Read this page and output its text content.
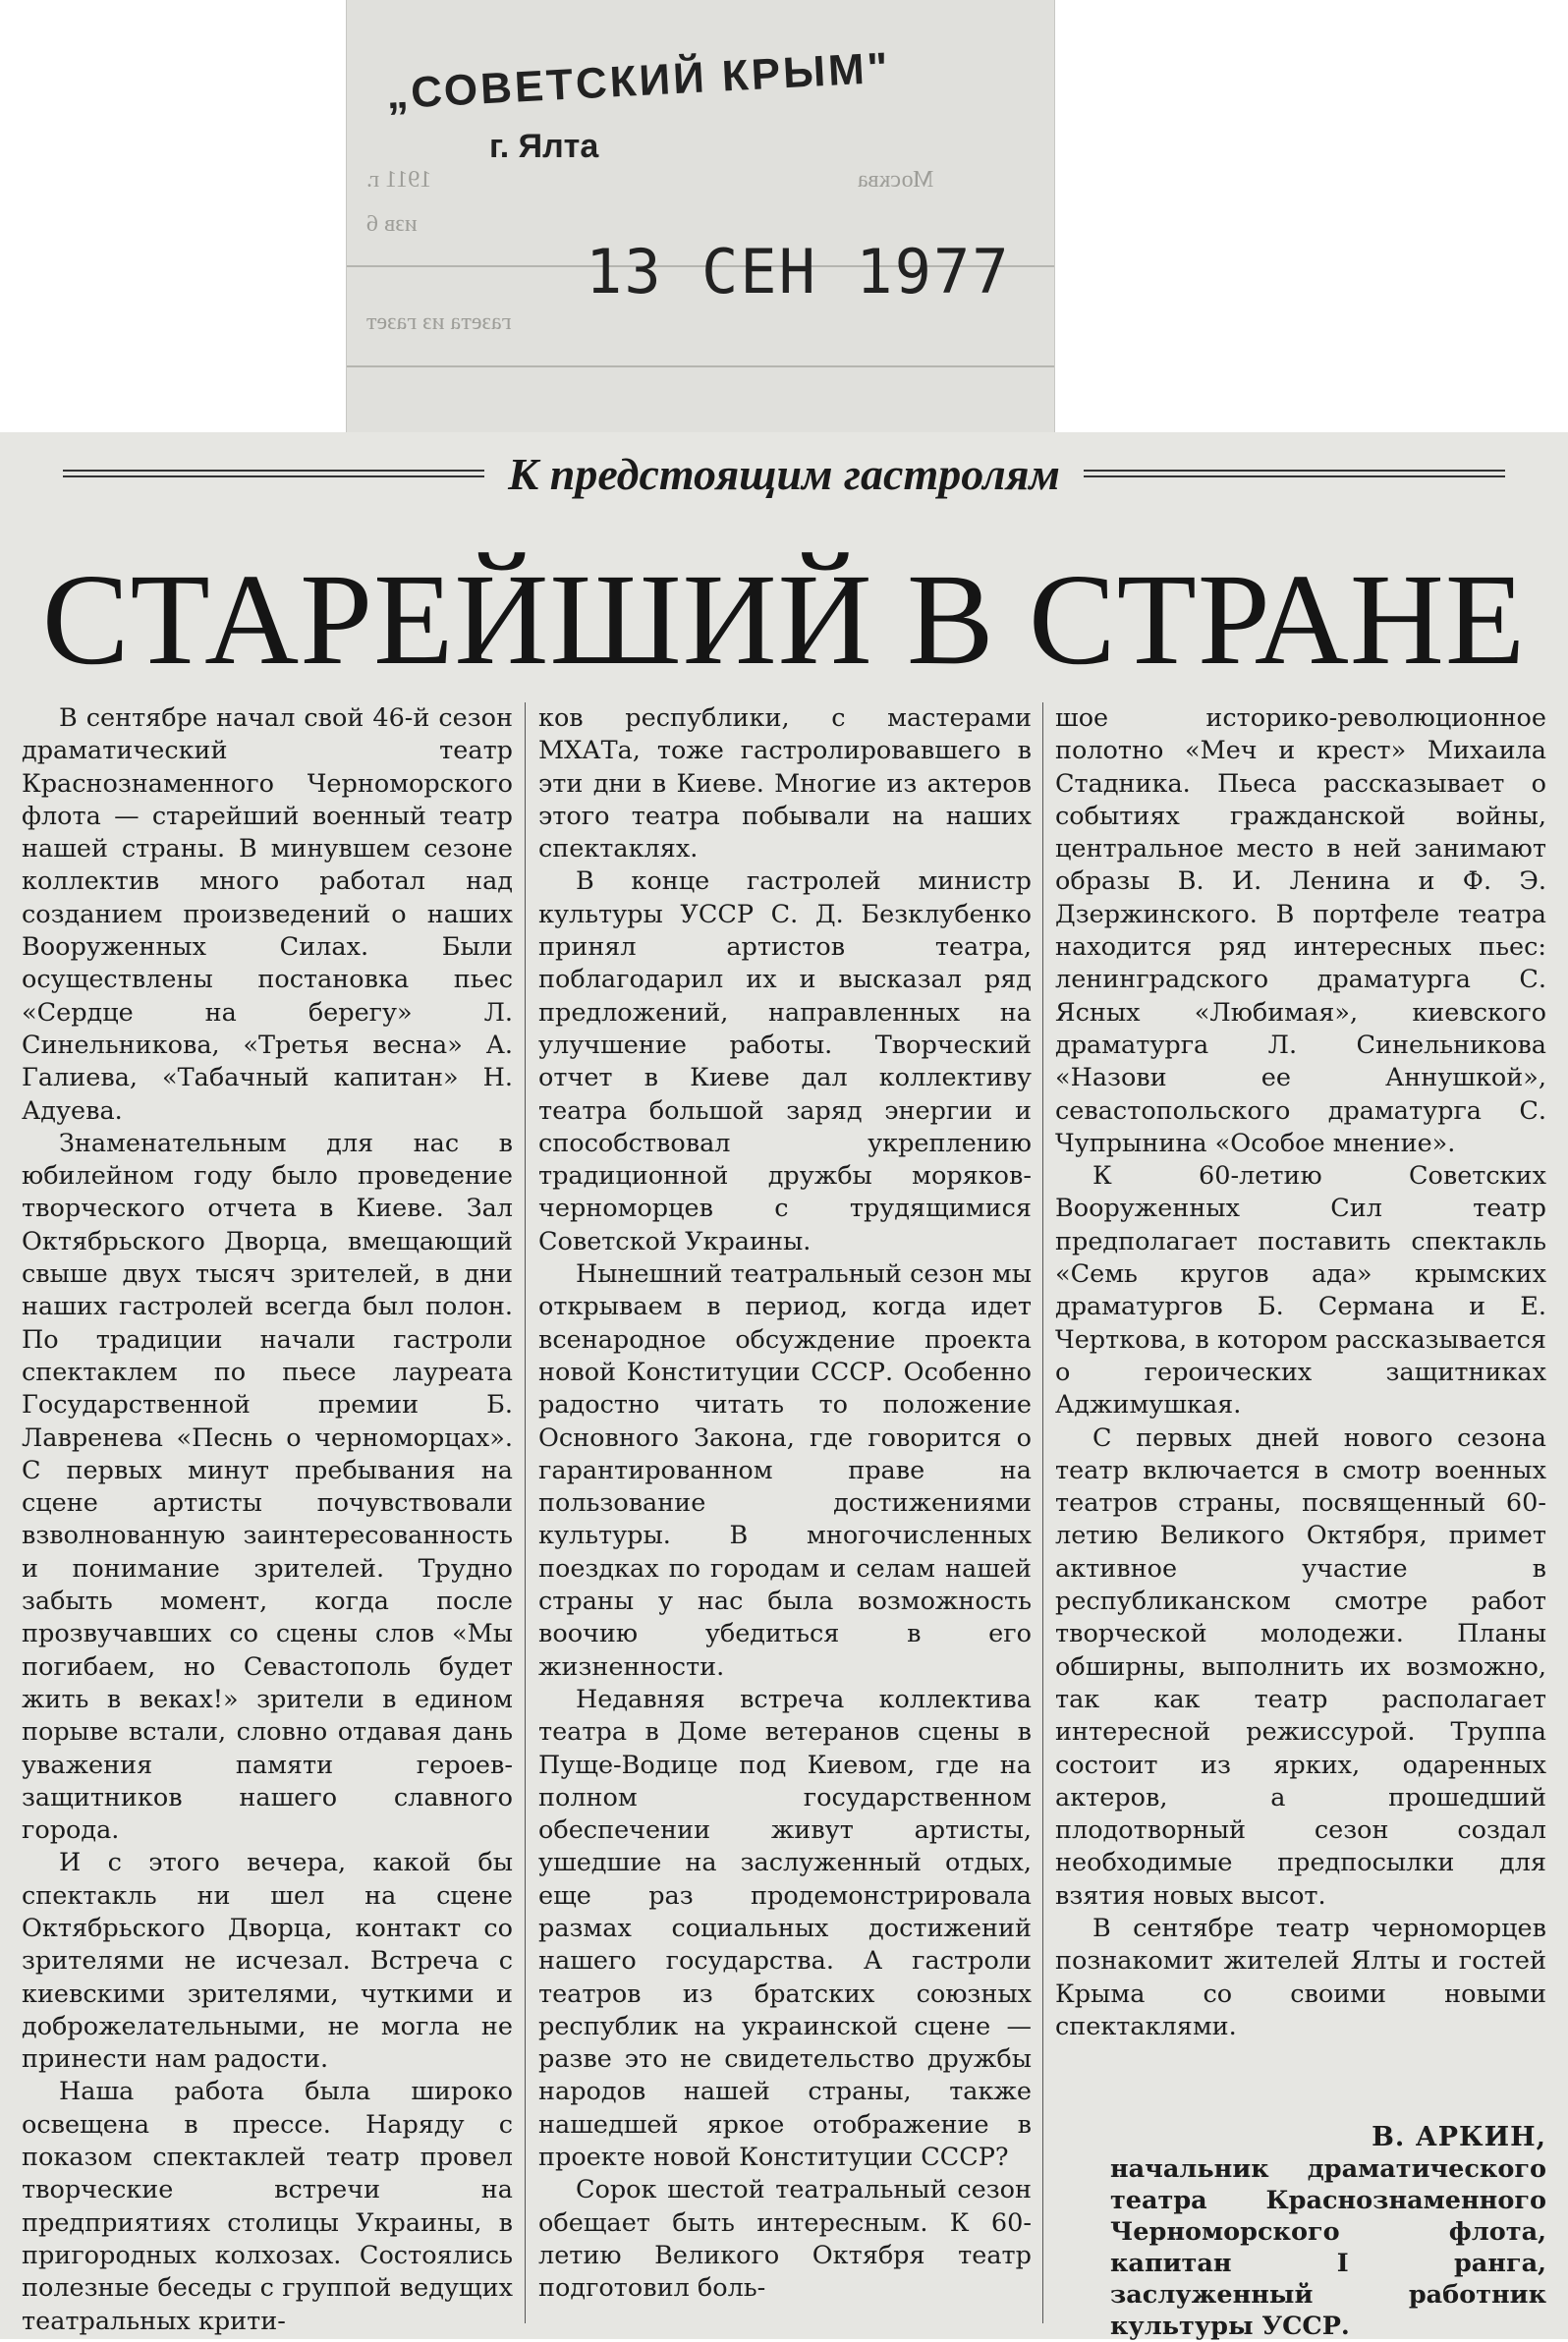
1911 г.
изв 6
Москва
газета из газет
„СОВЕТСКИЙ КРЫМ"
г. Ялта
13 СЕН 1977
К предстоящим гастролям
СТАРЕЙШИЙ В СТРАНЕ

В сентябре начал свой 46-й сезон драматический театр Краснознаменного Черноморского флота — старейший военный театр нашей страны. В минувшем сезоне коллектив много работал над созданием произведений о наших Вооруженных Силах. Были осуществлены постановка пьес «Сердце на берегу» Л. Синельникова, «Третья весна» А. Галиева, «Табачный капитан» Н. Адуева.

Знаменательным для нас в юбилейном году было проведение творческого отчета в Киеве. Зал Октябрьского Дворца, вмещающий свыше двух тысяч зрителей, в дни наших гастролей всегда был полон. По традиции начали гастроли спектаклем по пьесе лауреата Государственной премии Б. Лавренева «Песнь о черноморцах». С первых минут пребывания на сцене артисты почувствовали взволнованную заинтересованность и понимание зрителей. Трудно забыть момент, когда после прозвучавших со сцены слов «Мы погибаем, но Севастополь будет жить в веках!» зрители в едином порыве встали, словно отдавая дань уважения памяти героев-защитников нашего славного города.

И с этого вечера, какой бы спектакль ни шел на сцене Октябрьского Дворца, контакт со зрителями не исчезал. Встреча с киевскими зрителями, чуткими и доброжелательными, не могла не принести нам радости.

Наша работа была широко освещена в прессе. Наряду с показом спектаклей театр провел творческие встречи на предприятиях столицы Украины, в пригородных колхозах. Состоялись полезные беседы с группой ведущих театральных крити-

ков республики, с мастерами МХАТа, тоже гастролировавшего в эти дни в Киеве. Многие из актеров этого театра побывали на наших спектаклях.

В конце гастролей министр культуры УССР С. Д. Безклубенко принял артистов театра, поблагодарил их и высказал ряд предложений, направленных на улучшение работы. Творческий отчет в Киеве дал коллективу театра большой заряд энергии и способствовал укреплению традиционной дружбы моряков-черноморцев с трудящимися Советской Украины.

Нынешний театральный сезон мы открываем в период, когда идет всенародное обсуждение проекта новой Конституции СССР. Особенно радостно читать то положение Основного Закона, где говорится о гарантированном праве на пользование достижениями культуры. В многочисленных поездках по городам и селам нашей страны у нас была возможность воочию убедиться в его жизненности.

Недавняя встреча коллектива театра в Доме ветеранов сцены в Пуще-Водице под Киевом, где на полном государственном обеспечении живут артисты, ушедшие на заслуженный отдых, еще раз продемонстрировала размах социальных достижений нашего государства. А гастроли театров из братских союзных республик на украинской сцене — разве это не свидетельство дружбы народов нашей страны, также нашедшей яркое отображение в проекте новой Конституции СССР?

Сорок шестой театральный сезон обещает быть интересным. К 60-летию Великого Октября театр подготовил боль-

шое историко-революционное полотно «Меч и крест» Михаила Стадника. Пьеса рассказывает о событиях гражданской войны, центральное место в ней занимают образы В. И. Ленина и Ф. Э. Дзержинского. В портфеле театра находится ряд интересных пьес: ленинградского драматурга С. Ясных «Любимая», киевского драматурга Л. Синельникова «Назови ее Аннушкой», севастопольского драматурга С. Чупрынина «Особое мнение».

К 60-летию Советских Вооруженных Сил театр предполагает поставить спектакль «Семь кругов ада» крымских драматургов Б. Сермана и Е. Черткова, в котором рассказывается о героических защитниках Аджимушкая.

С первых дней нового сезона театр включается в смотр военных театров страны, посвященный 60-летию Великого Октября, примет активное участие в республиканском смотре работ творческой молодежи. Планы обширны, выполнить их возможно, так как театр располагает интересной режиссурой. Труппа состоит из ярких, одаренных актеров, а прошедший плодотворный сезон создал необходимые предпосылки для взятия новых высот.

В сентябре театр черноморцев познакомит жителей Ялты и гостей Крыма со своими новыми спектаклями.

В. АРКИН,
начальник драматического театра Краснознаменного Черноморского флота, капитан I ранга, заслуженный работник культуры УССР.
